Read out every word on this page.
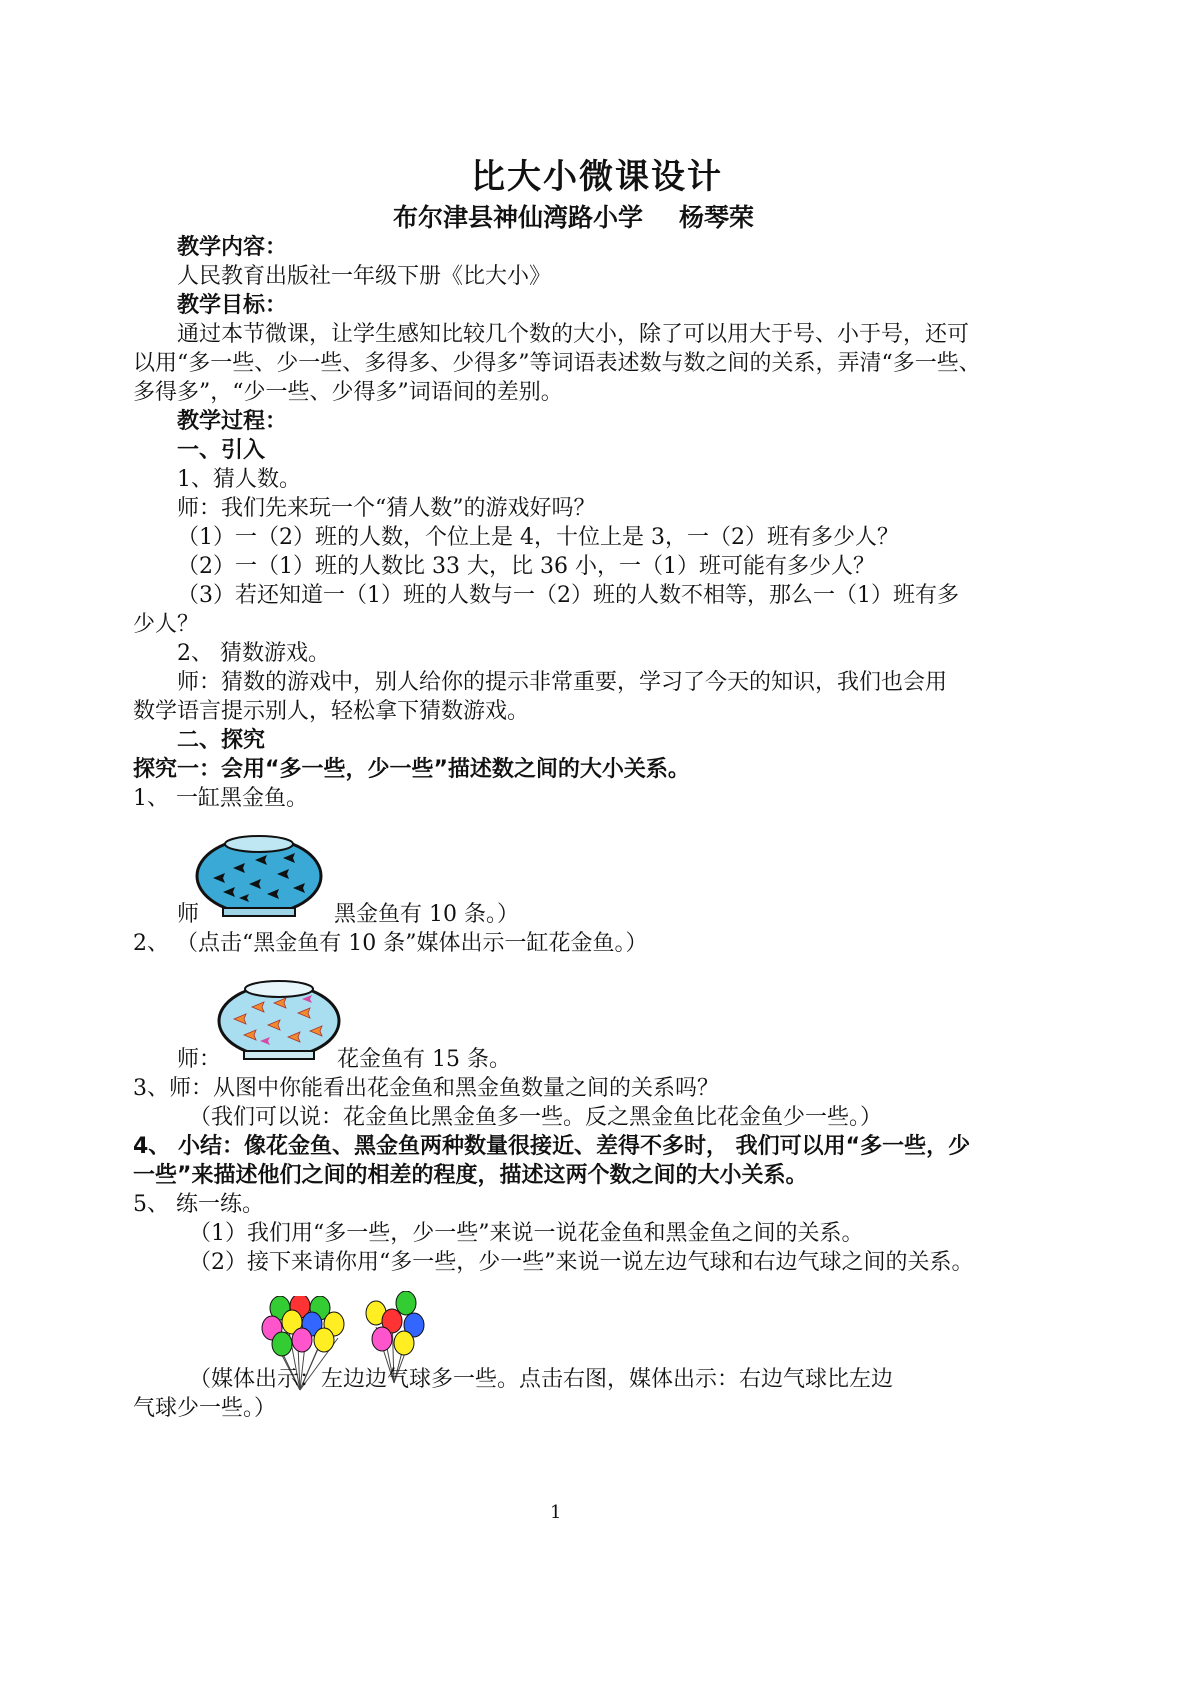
比大小微课设计
布尔津县神仙湾路小学 杨琴荣
教学内容：
人民教育出版社一年级下册《比大小》
教学目标：
通过本节微课，让学生感知比较几个数的大小，除了可以用大于号、小于号，还可
以用“多一些、少一些、多得多、少得多”等词语表述数与数之间的关系，弄清“多一些、
多得多”，“少一些、少得多”词语间的差别。
教学过程：
一、引入
1、猜人数。
师：我们先来玩一个“猜人数”的游戏好吗？
（1）一（2）班的人数，个位上是 4，十位上是 3，一（2）班有多少人？
（2）一（1）班的人数比 33 大，比 36 小，一（1）班可能有多少人？
（3）若还知道一（1）班的人数与一（2）班的人数不相等，那么一（1）班有多
少人？
2、 猜数游戏。
师：猜数的游戏中，别人给你的提示非常重要，学习了今天的知识，我们也会用
数学语言提示别人，轻松拿下猜数游戏。
二、探究
探究一：会用“多一些，少一些”描述数之间的大小关系。
1、 一缸黑金鱼。
师	黑金鱼有 10 条。）
2、 （点击“黑金鱼有 10 条”媒体出示一缸花金鱼。）
师：	花金鱼有 15 条。
3、师：从图中你能看出花金鱼和黑金鱼数量之间的关系吗？
（我们可以说：花金鱼比黑金鱼多一些。反之黑金鱼比花金鱼少一些。）
4、 小结：像花金鱼、黑金鱼两种数量很接近、差得不多时， 我们可以用“多一些，少
一些”来描述他们之间的相差的程度，描述这两个数之间的大小关系。
5、 练一练。
（1）我们用“多一些，少一些”来说一说花金鱼和黑金鱼之间的关系。
（2）接下来请你用“多一些，少一些”来说一说左边气球和右边气球之间的关系。
（媒体出示：左边边气球多一些。点击右图，媒体出示：右边气球比左边
气球少一些。）
1
